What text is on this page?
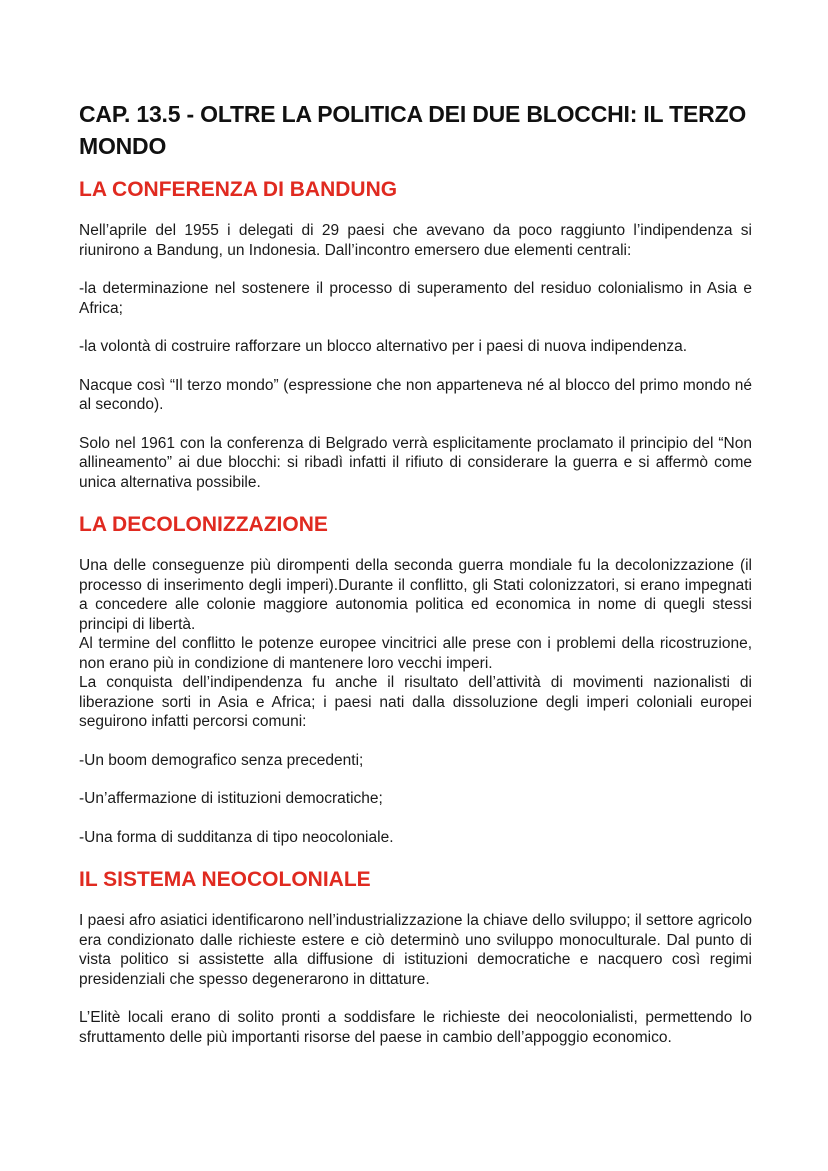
CAP. 13.5 - OLTRE LA POLITICA DEI DUE BLOCCHI: IL TERZO MONDO
LA CONFERENZA DI BANDUNG

Nell’aprile del 1955 i delegati di 29 paesi che avevano da poco raggiunto l’indipendenza si riunirono a Bandung, un Indonesia. Dall’incontro emersero due elementi centrali:

-la determinazione nel sostenere il processo di superamento del residuo colonialismo in Asia e Africa;

-la volontà di costruire rafforzare un blocco alternativo per i paesi di nuova indipendenza.

Nacque così “Il terzo mondo” (espressione che non apparteneva né al blocco del primo mondo né al secondo).

Solo nel 1961 con la conferenza di Belgrado verrà esplicitamente proclamato il principio del “Non allineamento” ai due blocchi: si ribadì infatti il rifiuto di considerare la guerra e si affermò come unica alternativa possibile.

LA DECOLONIZZAZIONE

Una delle conseguenze più dirompenti della seconda guerra mondiale fu la decolonizzazione (il processo di inserimento degli imperi).Durante il conflitto, gli Stati colonizzatori, si erano impegnati a concedere alle colonie maggiore autonomia politica ed economica in nome di quegli stessi principi di libertà.

Al termine del conflitto le potenze europee vincitrici alle prese con i problemi della ricostruzione, non erano più in condizione di mantenere loro vecchi imperi.

La conquista dell’indipendenza fu anche il risultato dell’attività di movimenti nazionalisti di liberazione sorti in Asia e Africa; i paesi nati dalla dissoluzione degli imperi coloniali europei seguirono infatti percorsi comuni:

-Un boom demografico senza precedenti;

-Un’affermazione di istituzioni democratiche;

-Una forma di sudditanza di tipo neocoloniale.

IL SISTEMA NEOCOLONIALE

I paesi afro asiatici identificarono nell’industrializzazione la chiave dello sviluppo; il settore agricolo era condizionato dalle richieste estere e ciò determinò uno sviluppo monoculturale. Dal punto di vista politico si assistette alla diffusione di istituzioni democratiche e nacquero così regimi presidenziali che spesso degenerarono in dittature.

L’Elitè locali erano di solito pronti a soddisfare le richieste dei neocolonialisti, permettendo lo sfruttamento delle più importanti risorse del paese in cambio dell’appoggio economico.
